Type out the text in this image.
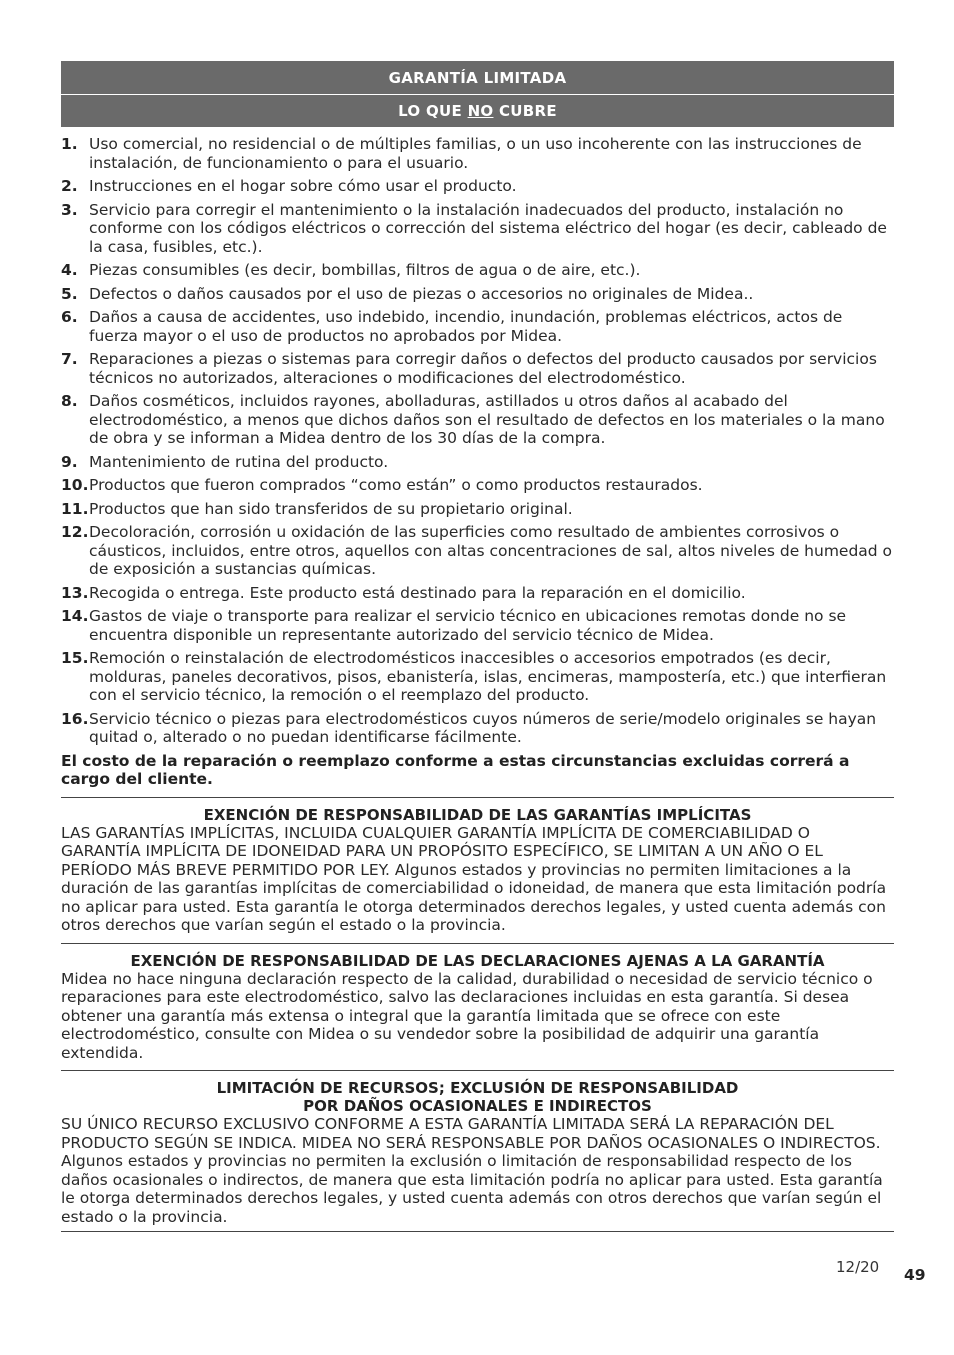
GARANTÍA LIMITADA
LO QUE NO CUBRE
1. Uso comercial, no residencial o de múltiples familias, o un uso incoherente con las instrucciones de instalación, de funcionamiento o para el usuario.
2. Instrucciones en el hogar sobre cómo usar el producto.
3. Servicio para corregir el mantenimiento o la instalación inadecuados del producto, instalación no conforme con los códigos eléctricos o corrección del sistema eléctrico del hogar (es decir, cableado de la casa, fusibles, etc.).
4. Piezas consumibles (es decir, bombillas, filtros de agua o de aire, etc.).
5. Defectos o daños causados por el uso de piezas o accesorios no originales de Midea..
6. Daños a causa de accidentes, uso indebido, incendio, inundación, problemas eléctricos, actos de fuerza mayor o el uso de productos no aprobados por Midea.
7. Reparaciones a piezas o sistemas para corregir daños o defectos del producto causados por servicios técnicos no autorizados, alteraciones o modificaciones del electrodoméstico.
8. Daños cosméticos, incluidos rayones, abolladuras, astillados u otros daños al acabado del electrodoméstico, a menos que dichos daños son el resultado de defectos en los materiales o la mano de obra y se informan a Midea dentro de los 30 días de la compra.
9. Mantenimiento de rutina del producto.
10. Productos que fueron comprados “como están” o como productos restaurados.
11. Productos que han sido transferidos de su propietario original.
12. Decoloración, corrosión u oxidación de las superficies como resultado de ambientes corrosivos o cáusticos, incluidos, entre otros, aquellos con altas concentraciones de sal, altos niveles de humedad o de exposición a sustancias químicas.
13. Recogida o entrega. Este producto está destinado para la reparación en el domicilio.
14. Gastos de viaje o transporte para realizar el servicio técnico en ubicaciones remotas donde no se encuentra disponible un representante autorizado del servicio técnico de Midea.
15. Remoción o reinstalación de electrodomésticos inaccesibles o accesorios empotrados (es decir, molduras, paneles decorativos, pisos, ebanistería, islas, encimeras, mampostería, etc.) que interfieran con el servicio técnico, la remoción o el reemplazo del producto.
16. Servicio técnico o piezas para electrodomésticos cuyos números de serie/modelo originales se hayan quitad o, alterado o no puedan identificarse fácilmente.
El costo de la reparación o reemplazo conforme a estas circunstancias excluidas correrá a cargo del cliente.
EXENCIÓN DE RESPONSABILIDAD DE LAS GARANTÍAS IMPLÍCITAS

LAS GARANTÍAS IMPLÍCITAS, INCLUIDA CUALQUIER GARANTÍA IMPLÍCITA DE COMERCIABILIDAD O GARANTÍA IMPLÍCITA DE IDONEIDAD PARA UN PROPÓSITO ESPECÍFICO, SE LIMITAN A UN AÑO O EL PERÍODO MÁS BREVE PERMITIDO POR LEY. Algunos estados y provincias no permiten limitaciones a la duración de las garantías implícitas de comerciabilidad o idoneidad, de manera que esta limitación podría no aplicar para usted. Esta garantía le otorga determinados derechos legales, y usted cuenta además con otros derechos que varían según el estado o la provincia.

EXENCIÓN DE RESPONSABILIDAD DE LAS DECLARACIONES AJENAS A LA GARANTÍA

Midea no hace ninguna declaración respecto de la calidad, durabilidad o necesidad de servicio técnico o reparaciones para este electrodoméstico, salvo las declaraciones incluidas en esta garantía. Si desea obtener una garantía más extensa o integral que la garantía limitada que se ofrece con este electrodoméstico, consulte con Midea o su vendedor sobre la posibilidad de adquirir una garantía extendida.

LIMITACIÓN DE RECURSOS; EXCLUSIÓN DE RESPONSABILIDAD
POR DAÑOS OCASIONALES E INDIRECTOS

SU ÚNICO RECURSO EXCLUSIVO CONFORME A ESTA GARANTÍA LIMITADA SERÁ LA REPARACIÓN DEL PRODUCTO SEGÚN SE INDICA. MIDEA NO SERÁ RESPONSABLE POR DAÑOS OCASIONALES O INDIRECTOS. Algunos estados y provincias no permiten la exclusión o limitación de responsabilidad respecto de los daños ocasionales o indirectos, de manera que esta limitación podría no aplicar para usted. Esta garantía le otorga determinados derechos legales, y usted cuenta además con otros derechos que varían según el estado o la provincia.

12/20 49
